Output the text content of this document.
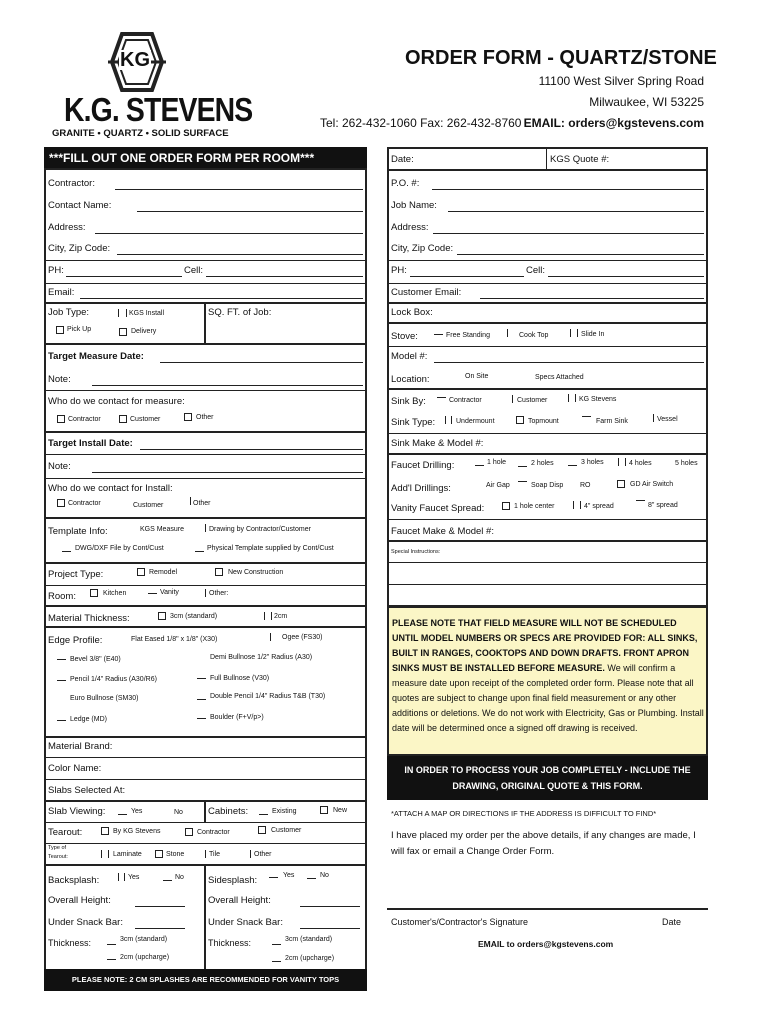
KG
K.G. STEVENS
GRANITE • QUARTZ • SOLID SURFACE
ORDER FORM - QUARTZ/STONE
11100 West Silver Spring Road
Milwaukee, WI 53225
Tel: 262-432-1060 Fax: 262-432-8760 EMAIL: orders@kgstevens.com
***FILL OUT ONE ORDER FORM PER ROOM***
Contractor:
Contact Name:
Address:
City, Zip Code:
PH:	Cell:
Email:
Job Type:	KGS Install
Pick Up	Delivery
SQ. FT. of Job:
Target Measure Date:
Note:
Who do we contact for measure:
Contractor	Customer	Other
Target Install Date:
Note:
Who do we contact for Install:
Contractor	Customer	Other
Template Info:	KGS Measure	Drawing by Contractor/Customer
DWG/DXF File by Cont/Cust	Physical Template supplied by Cont/Cust
Project Type:	Remodel	New Construction
Room:	Kitchen	Vanity	Other:
Material Thickness:	3cm (standard)	2cm
Edge Profile:	Flat Eased 1/8" x 1/8" (X30)	Ogee (FS30)
Bevel 3/8" (E40)	Demi Bullnose 1/2" Radius (A30)
Pencil 1/4" Radius (A30/R6)	Full Bullnose (V30)
Euro Bullnose (SM30)	Double Pencil 1/4" Radius T&B (T30)
Ledge (MD)	Boulder (F+V/p>)
Material Brand:
Color Name:
Slabs Selected At:
Slab Viewing:	Yes	No	Cabinets:	Existing	New
Tearout:	By KG Stevens	Contractor	Customer
Type of Tearout:	Laminate	Stone	Tile	Other
Backsplash:	Yes	No
Overall Height:
Under Snack Bar:
Thickness:	3cm (standard)
2cm (upcharge)
Sidesplash:	Yes	No
Overall Height:
Under Snack Bar:
Thickness:	3cm (standard)
2cm (upcharge)
PLEASE NOTE: 2 CM SPLASHES ARE RECOMMENDED FOR VANITY TOPS
Date:	KGS Quote #:
P.O. #:
Job Name:
Address:
City, Zip Code:
PH:	Cell:
Customer Email:
Lock Box:
Stove:	Free Standing	Cook Top	Slide In
Model #:
Location:	On Site	Specs Attached
Sink By:	Contractor	Customer	KG Stevens
Sink Type:	Undermount	Topmount	Farm Sink	Vessel
Sink Make & Model #:
Faucet Drilling:	1 hole	2 holes	3 holes	4 holes	5 holes
Add'l Drillings:	Air Gap	Soap Disp RO	GD Air Switch
Vanity Faucet Spread:	1 hole center	4" spread	8" spread
Faucet Make & Model #:
Special Instructions:
PLEASE NOTE THAT FIELD MEASURE WILL NOT BE SCHEDULED UNTIL MODEL NUMBERS OR SPECS ARE PROVIDED FOR: ALL SINKS, BUILT IN RANGES, COOKTOPS AND DOWN DRAFTS. FRONT APRON SINKS MUST BE INSTALLED BEFORE MEASURE. We will confirm a measure date upon receipt of the completed order form. Please note that all quotes are subject to change upon final field measurement or any other additions or deletions. We do not work with Electricity, Gas or Plumbing. Install date will be determined once a signed off drawing is received.
IN ORDER TO PROCESS YOUR JOB COMPLETELY - INCLUDE THE
DRAWING, ORIGINAL QUOTE & THIS FORM.
*ATTACH A MAP OR DIRECTIONS IF THE ADDRESS IS DIFFICULT TO FIND*
I have placed my order per the above details, if any changes are made, I will fax or email a Change Order Form.
Customer's/Contractor's Signature	Date
EMAIL to orders@kgstevens.com
